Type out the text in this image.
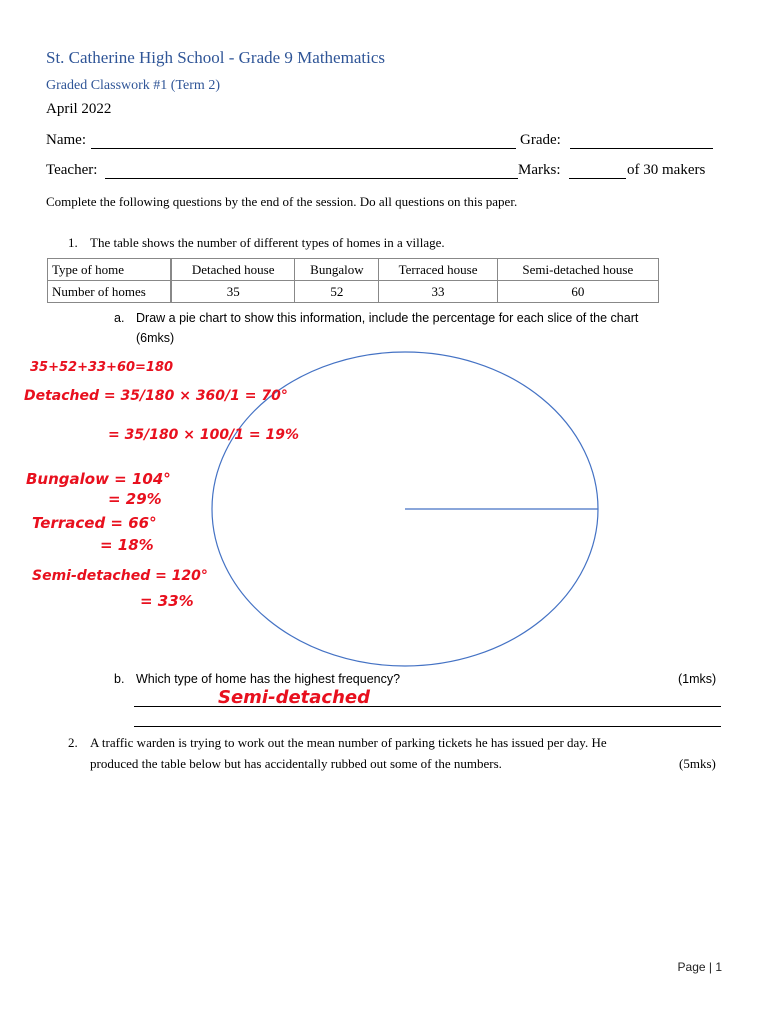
St. Catherine High School - Grade 9 Mathematics
Graded Classwork #1 (Term 2)
April 2022
Name:	Grade:
Teacher:	Marks:	of 30 makers
Complete the following questions by the end of the session. Do all questions on this paper.
1. The table shows the number of different types of homes in a village.
Type of home		Detached house	Bungalow	Terraced house	Semi-detached house
Number of homes		35	52	33	60
a. Draw a pie chart to show this information, include the percentage for each slice of the chart
(6mks)
35+52+33+60=180
Detached = 35/180 × 360/1 = 70°
= 35/180 × 100/1 = 19%
Bungalow = 104°
= 29%
Terraced = 66°
= 18%
Semi-detached = 120°
= 33%
b. Which type of home has the highest frequency?	(1mks)
Semi-detached
2. A traffic warden is trying to work out the mean number of parking tickets he has issued per day. He
produced the table below but has accidentally rubbed out some of the numbers.	(5mks)
Page | 1
